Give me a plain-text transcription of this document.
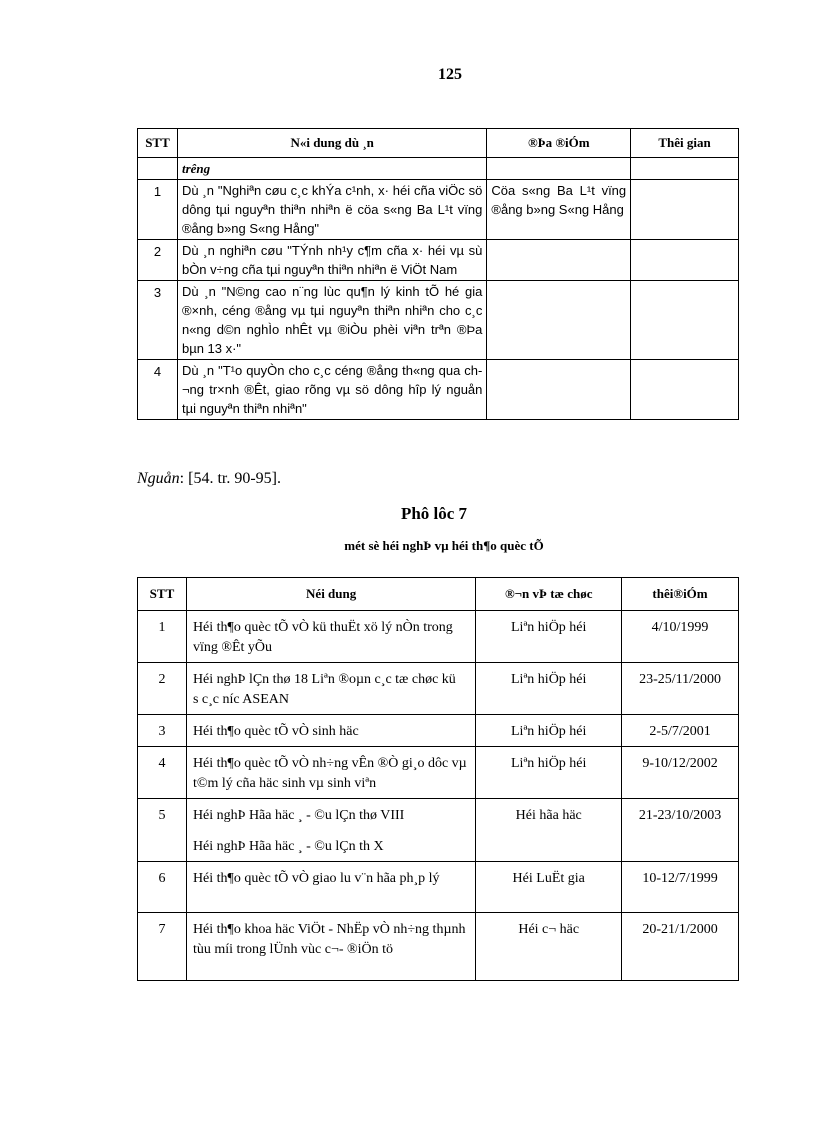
125
STT	N«i dung dù ¸n	®Þa ®iÓm	Thêi gian
	trêng		
1	Dù ¸n "Nghiªn cøu c¸c khÝa c¹nh, x· héi cña viÖc sö dông tµi nguyªn thiªn nhiªn ë cöa s«ng Ba L¹t vïng ®ång b»ng S«ng Hång"	Cöa s«ng Ba L¹t vïng ®ång b»ng S«ng Hång	
2	Dù ¸n nghiªn cøu "TÝnh nh¹y c¶m cña x· héi vµ sù bÒn v÷ng cña tµi nguyªn thiªn nhiªn ë ViÖt Nam		
3	Dù ¸n "N©ng cao n¨ng lùc qu¶n lý kinh tÕ hé gia ®×nh, céng ®ång vµ tµi nguyªn thiªn nhiªn cho c¸c n«ng d©n nghÌo nhÊt vµ ®iÒu phèi viªn trªn ®Þa bµn 13 x·"		
4	Dù ¸n "T¹o quyÒn cho c¸c céng ®ång th«ng qua ch¬ng tr×nh ®Êt, giao rõng vµ sö dông hîp lý nguån tµi nguyªn thiªn nhiªn"		
Nguån: [54. tr. 90-95].
Phô lôc 7
mét sè héi nghÞ vµ héi th¶o quèc tÕ
STT	Néi dung	®¬n vÞ tæ chøc	thêi®iÓm
1	Héi th¶o quèc tÕ vÒ kü thuËt xö lý nÒn trong vïng ®Êt yÕu	Liªn hiÖp héi	4/10/1999
2	Héi nghÞ lÇn thø 18 Liªn ®oµn c¸c tæ chøc kü s c¸c níc ASEAN	Liªn hiÖp héi	23-25/11/2000
3	Héi th¶o quèc tÕ vÒ sinh häc	Liªn hiÖp héi	2-5/7/2001
4	Héi th¶o quèc tÕ vÒ nh÷ng vÊn ®Ò gi¸o dôc vµ t©m lý cña häc sinh vµ sinh viªn	Liªn hiÖp héi	9-10/12/2002
5	Héi nghÞ Hãa häc ¸ - ©u lÇn thø VIII

Héi nghÞ Hãa häc ¸ - ©u lÇn th X	Héi hãa häc	21-23/10/2003
6	Héi th¶o quèc tÕ vÒ giao lu v¨n hãa ph¸p lý	Héi LuËt gia	10-12/7/1999
7	Héi th¶o khoa häc ViÖt - NhËp vÒ nh÷ng thµnh tùu míi trong lÜnh vùc c¬- ®iÖn tö	Héi c¬ häc	20-21/1/2000
